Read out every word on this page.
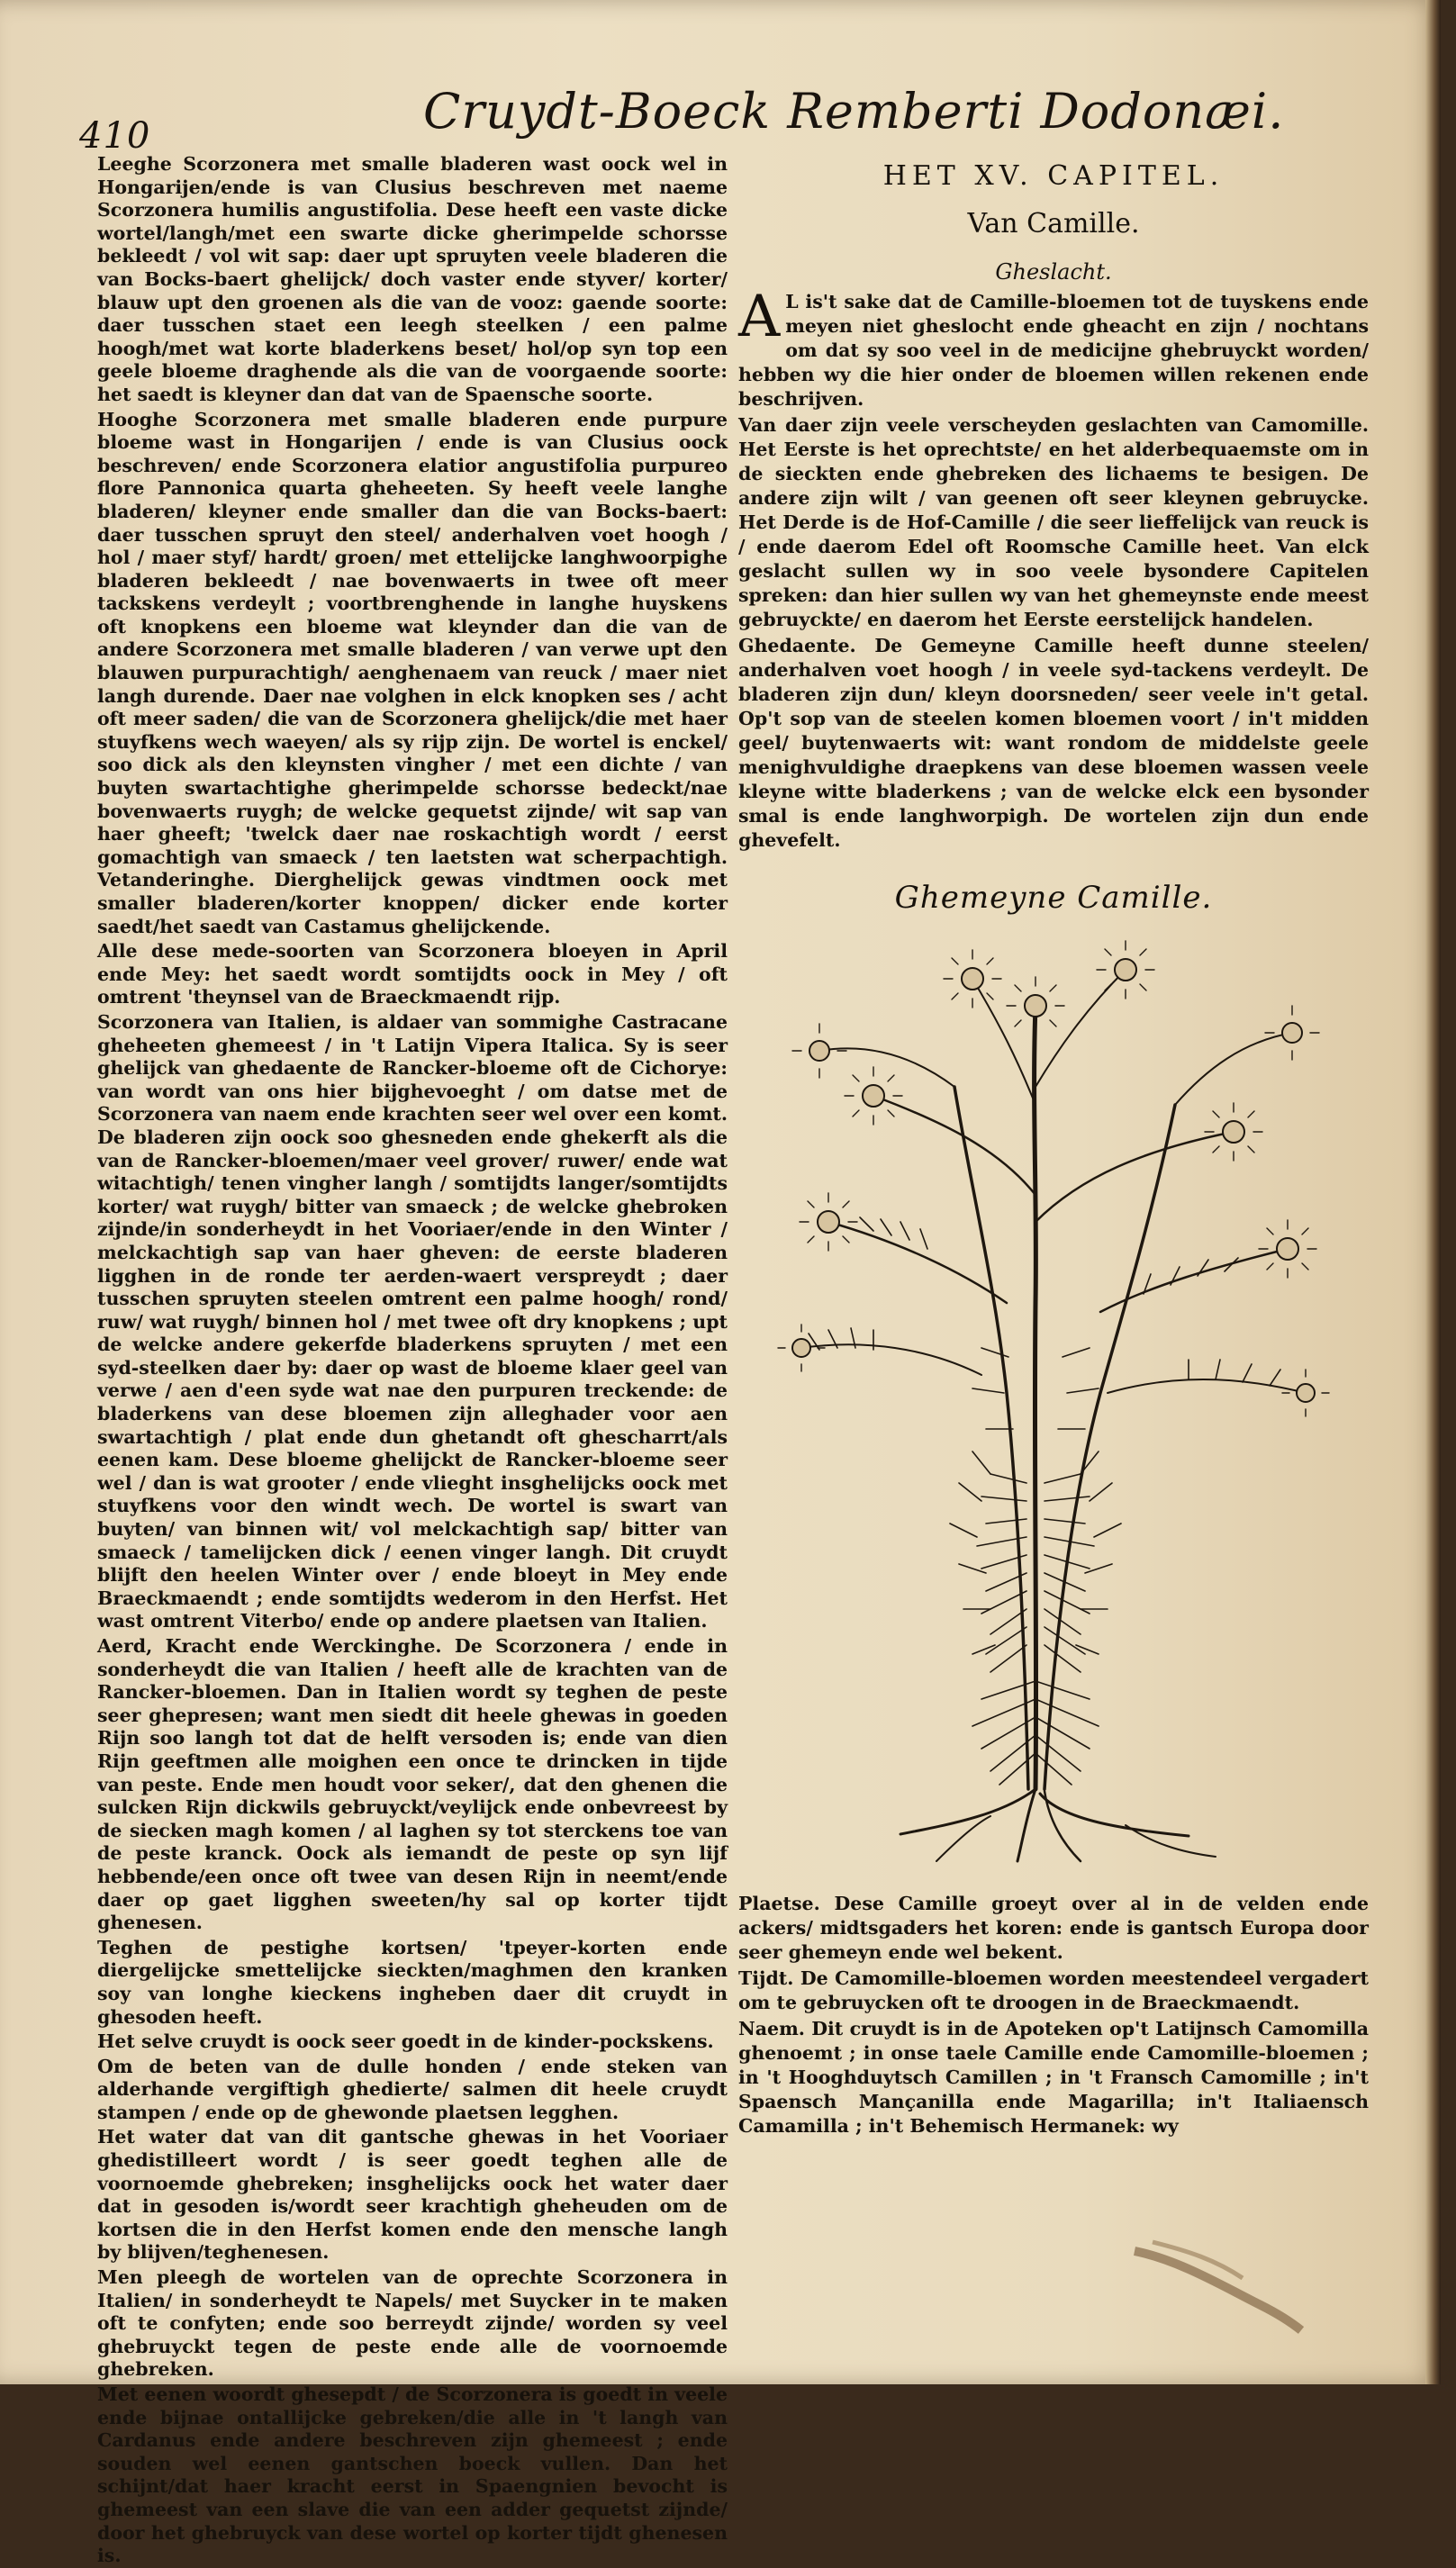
410	Cruydt-Boeck Remberti Dodonæi.

Leeghe Scorzonera met smalle bladeren wast oock wel in Hongarijen/ende is van Clusius beschreven met naeme Scorzonera humilis angustifolia. Dese heeft een vaste dicke wortel/langh/met een swarte dicke gherimpelde schorsse bekleedt / vol wit sap: daer upt spruyten veele bladeren die van Bocks-baert ghelijck/ doch vaster ende styver/ korter/ blauw upt den groenen als die van de vooz: gaende soorte: daer tusschen staet een leegh steelken / een palme hoogh/met wat korte bladerkens beset/ hol/op syn top een geele bloeme draghende als die van de voorgaende soorte: het saedt is kleyner dan dat van de Spaensche soorte.

Hooghe Scorzonera met smalle bladeren ende purpure bloeme wast in Hongarijen / ende is van Clusius oock beschreven/ ende Scorzonera elatior angustifolia purpureo flore Pannonica quarta gheheeten. Sy heeft veele langhe bladeren/ kleyner ende smaller dan die van Bocks-baert: daer tusschen spruyt den steel/ anderhalven voet hoogh / hol / maer styf/ hardt/ groen/ met ettelijcke langhwoorpighe bladeren bekleedt / nae bovenwaerts in twee oft meer tackskens verdeylt ; voortbrenghende in langhe huyskens oft knopkens een bloeme wat kleynder dan die van de andere Scorzonera met smalle bladeren / van verwe upt den blauwen purpurachtigh/ aenghenaem van reuck / maer niet langh durende. Daer nae volghen in elck knopken ses / acht oft meer saden/ die van de Scorzonera ghelijck/die met haer stuyfkens wech waeyen/ als sy rijp zijn. De wortel is enckel/ soo dick als den kleynsten vingher / met een dichte / van buyten swartachtighe gherimpelde schorsse bedeckt/nae bovenwaerts ruygh; de welcke gequetst zijnde/ wit sap van haer gheeft; 'twelck daer nae roskachtigh wordt / eerst gomachtigh van smaeck / ten laetsten wat scherpachtigh. Vetanderinghe. Dierghelijck gewas vindtmen oock met smaller bladeren/korter knoppen/ dicker ende korter saedt/het saedt van Castamus ghelijckende.

Alle dese mede-soorten van Scorzonera bloeyen in April ende Mey: het saedt wordt somtijdts oock in Mey / oft omtrent 'theynsel van de Braeckmaendt rijp.

Scorzonera van Italien, is aldaer van sommighe Castracane gheheeten ghemeest / in 't Latijn Vipera Italica. Sy is seer ghelijck van ghedaente de Rancker-bloeme oft de Cichorye: van wordt van ons hier bijghevoeght / om datse met de Scorzonera van naem ende krachten seer wel over een komt. De bladeren zijn oock soo ghesneden ende ghekerft als die van de Rancker-bloemen/maer veel grover/ ruwer/ ende wat witachtigh/ tenen vingher langh / somtijdts langer/somtijdts korter/ wat ruygh/ bitter van smaeck ; de welcke ghebroken zijnde/in sonderheydt in het Vooriaer/ende in den Winter / melckachtigh sap van haer gheven: de eerste bladeren ligghen in de ronde ter aerden-waert verspreydt ; daer tusschen spruyten steelen omtrent een palme hoogh/ rond/ ruw/ wat ruygh/ binnen hol / met twee oft dry knopkens ; upt de welcke andere gekerfde bladerkens spruyten / met een syd-steelken daer by: daer op wast de bloeme klaer geel van verwe / aen d'een syde wat nae den purpuren treckende: de bladerkens van dese bloemen zijn alleghader voor aen swartachtigh / plat ende dun ghetandt oft ghescharrt/als eenen kam. Dese bloeme ghelijckt de Rancker-bloeme seer wel / dan is wat grooter / ende vlieght insghelijcks oock met stuyfkens voor den windt wech. De wortel is swart van buyten/ van binnen wit/ vol melckachtigh sap/ bitter van smaeck / tamelijcken dick / eenen vinger langh. Dit cruydt blijft den heelen Winter over / ende bloeyt in Mey ende Braeckmaendt ; ende somtijdts wederom in den Herfst. Het wast omtrent Viterbo/ ende op andere plaetsen van Italien.

Aerd, Kracht ende Werckinghe. De Scorzonera / ende in sonderheydt die van Italien / heeft alle de krachten van de Rancker-bloemen. Dan in Italien wordt sy teghen de peste seer ghepresen; want men siedt dit heele ghewas in goeden Rijn soo langh tot dat de helft versoden is; ende van dien Rijn geeftmen alle moighen een once te drincken in tijde van peste. Ende men houdt voor seker/, dat den ghenen die sulcken Rijn dickwils gebruyckt/veylijck ende onbevreest by de siecken magh komen / al laghen sy tot sterckens toe van de peste kranck. Oock als iemandt de peste op syn lijf hebbende/een once oft twee van desen Rijn in neemt/ende daer op gaet ligghen sweeten/hy sal op korter tijdt ghenesen.

Teghen de pestighe kortsen/ 'tpeyer-korten ende diergelijcke smettelijcke sieckten/maghmen den kranken soy van longhe kieckens ingheben daer dit cruydt in ghesoden heeft.

Het selve cruydt is oock seer goedt in de kinder-pockskens.

Om de beten van de dulle honden / ende steken van alderhande vergiftigh ghedierte/ salmen dit heele cruydt stampen / ende op de ghewonde plaetsen legghen.

Het water dat van dit gantsche ghewas in het Vooriaer ghedistilleert wordt / is seer goedt teghen alle de voornoemde ghebreken; insghelijcks oock het water daer dat in gesoden is/wordt seer krachtigh gheheuden om de kortsen die in den Herfst komen ende den mensche langh by blijven/teghenesen.

Men pleegh de wortelen van de oprechte Scorzonera in Italien/ in sonderheydt te Napels/ met Suycker in te maken oft te confyten; ende soo berreydt zijnde/ worden sy veel ghebruyckt tegen de peste ende alle de voornoemde ghebreken.

Met eenen woordt ghesepdt / de Scorzonera is goedt in veele ende bijnae ontallijcke gebreken/die alle in 't langh van Cardanus ende andere beschreven zijn ghemeest ; ende souden wel eenen gantschen boeck vullen. Dan het schijnt/dat haer kracht eerst in Spaengnien bevocht is ghemeest van een slave die van een adder gequetst zijnde/ door het ghebruyck van dese wortel op korter tijdt ghenesen is.

HET XV. CAPITEL.
Van Camille.
Gheslacht.

A L is't sake dat de Camille-bloemen tot de tuyskens ende meyen niet gheslocht ende gheacht en zijn / nochtans om dat sy soo veel in de medicijne ghebruyckt worden/ hebben wy die hier onder de bloemen willen rekenen ende beschrijven.

Van daer zijn veele verscheyden geslachten van Camomille. Het Eerste is het oprechtste/ en het alderbequaemste om in de sieckten ende ghebreken des lichaems te besigen. De andere zijn wilt / van geenen oft seer kleynen gebruycke. Het Derde is de Hof-Camille / die seer lieffelijck van reuck is / ende daerom Edel oft Roomsche Camille heet. Van elck geslacht sullen wy in soo veele bysondere Capitelen spreken: dan hier sullen wy van het ghemeynste ende meest gebruyckte/ en daerom het Eerste eerstelijck handelen.

Ghedaente. De Gemeyne Camille heeft dunne steelen/ anderhalven voet hoogh / in veele syd-tackens verdeylt. De bladeren zijn dun/ kleyn doorsneden/ seer veele in't getal. Op't sop van de steelen komen bloemen voort / in't midden geel/ buytenwaerts wit: want rondom de middelste geele menighvuldighe draepkens van dese bloemen wassen veele kleyne witte bladerkens ; van de welcke elck een bysonder smal is ende langhworpigh. De wortelen zijn dun ende ghevefelt.

Ghemeyne Camille.

Plaetse. Dese Camille groeyt over al in de velden ende ackers/ midtsgaders het koren: ende is gantsch Europa door seer ghemeyn ende wel bekent.

Tijdt. De Camomille-bloemen worden meestendeel vergadert om te gebruycken oft te droogen in de Braeckmaendt.

Naem. Dit cruydt is in de Apoteken op't Latijnsch Camomilla ghenoemt ; in onse taele Camille ende Camomille-bloemen ; in 't Hooghduytsch Camillen ; in 't Fransch Camomille ; in't Spaensch Mançanilla ende Magarilla; in't Italiaensch Camamilla ; in't Behemisch Hermanek: wy
